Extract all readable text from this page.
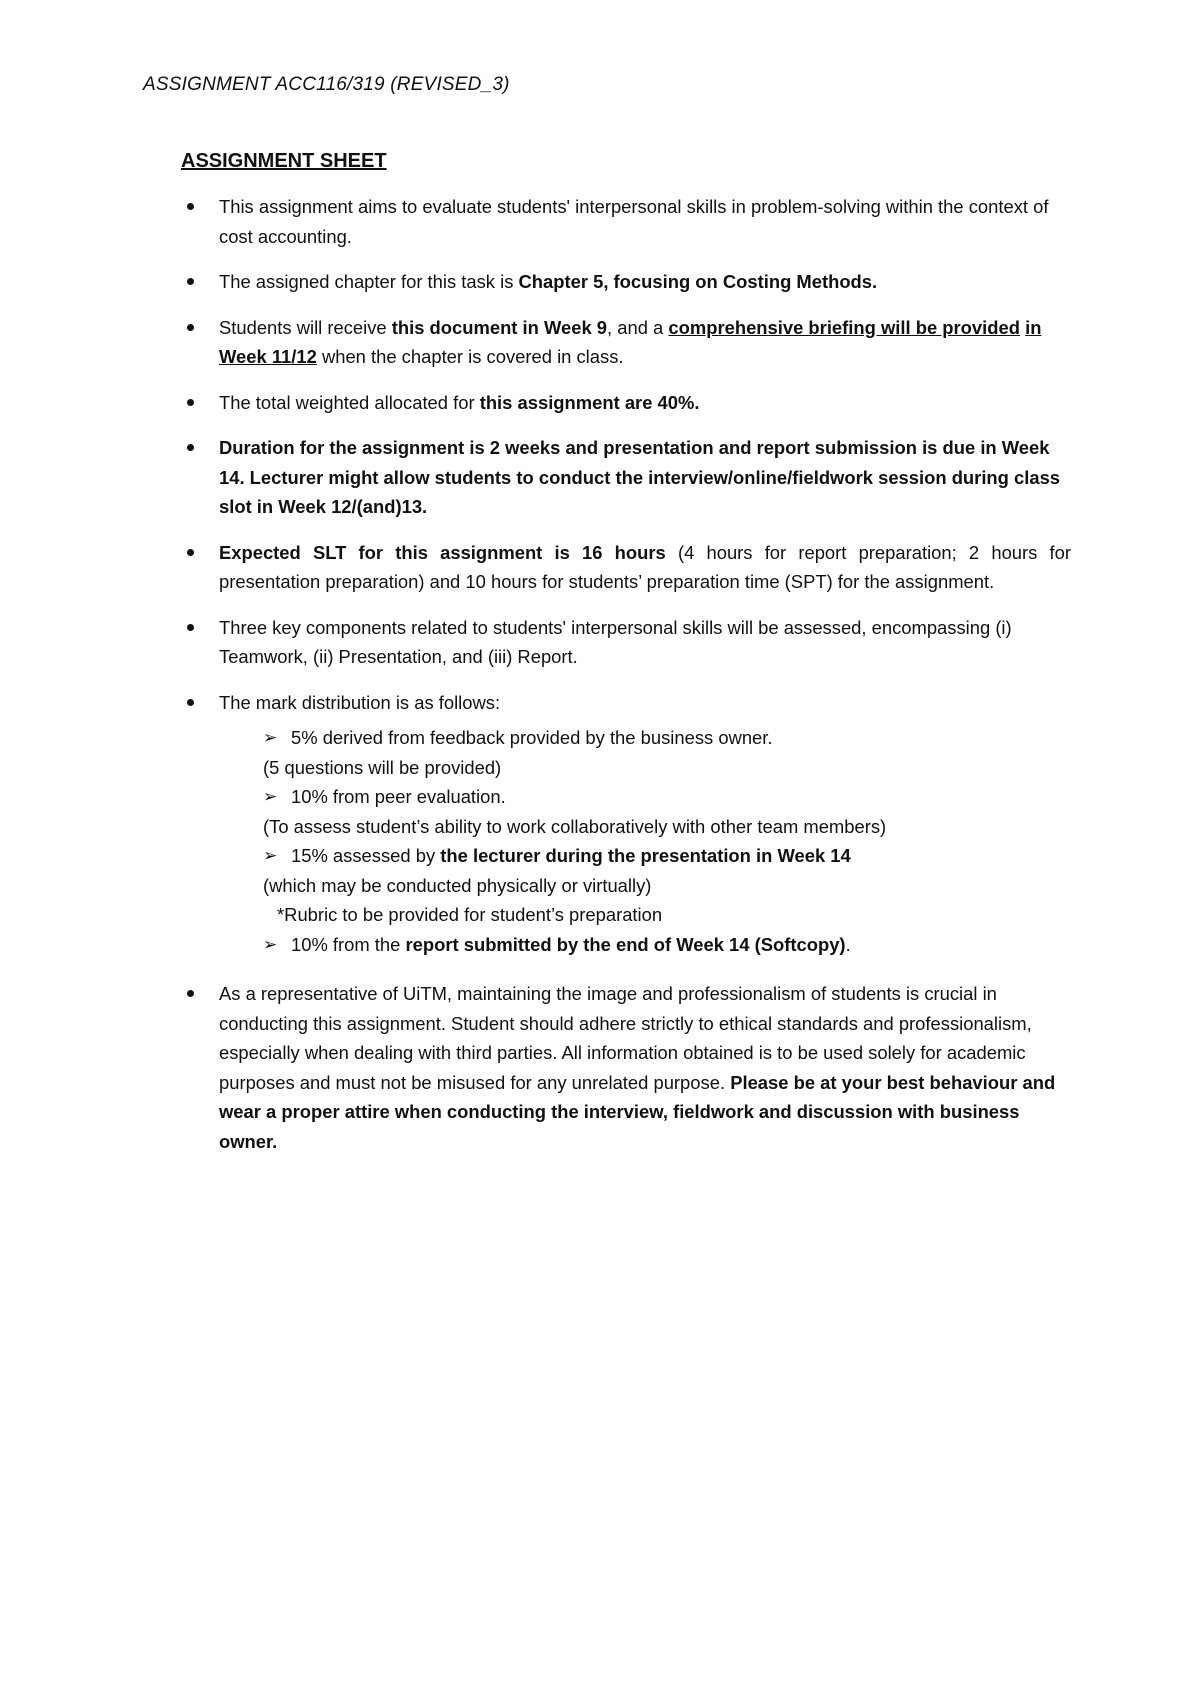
ASSIGNMENT ACC116/319 (REVISED_3)
ASSIGNMENT SHEET
This assignment aims to evaluate students' interpersonal skills in problem-solving within the context of cost accounting.
The assigned chapter for this task is Chapter 5, focusing on Costing Methods.
Students will receive this document in Week 9, and a comprehensive briefing will be provided in Week 11/12 when the chapter is covered in class.
The total weighted allocated for this assignment are 40%.
Duration for the assignment is 2 weeks and presentation and report submission is due in Week 14. Lecturer might allow students to conduct the interview/online/fieldwork session during class slot in Week 12/(and)13.
Expected SLT for this assignment is 16 hours (4 hours for report preparation; 2 hours for presentation preparation) and 10 hours for students’ preparation time (SPT) for the assignment.
Three key components related to students' interpersonal skills will be assessed, encompassing (i) Teamwork, (ii) Presentation, and (iii) Report.
The mark distribution is as follows:
➢ 5% derived from feedback provided by the business owner.
(5 questions will be provided)
➢ 10% from peer evaluation.
(To assess student’s ability to work collaboratively with other team members)
➢ 15% assessed by the lecturer during the presentation in Week 14
(which may be conducted physically or virtually)
*Rubric to be provided for student’s preparation
➢ 10% from the report submitted by the end of Week 14 (Softcopy).
As a representative of UiTM, maintaining the image and professionalism of students is crucial in conducting this assignment. Student should adhere strictly to ethical standards and professionalism, especially when dealing with third parties. All information obtained is to be used solely for academic purposes and must not be misused for any unrelated purpose. Please be at your best behaviour and wear a proper attire when conducting the interview, fieldwork and discussion with business owner.
